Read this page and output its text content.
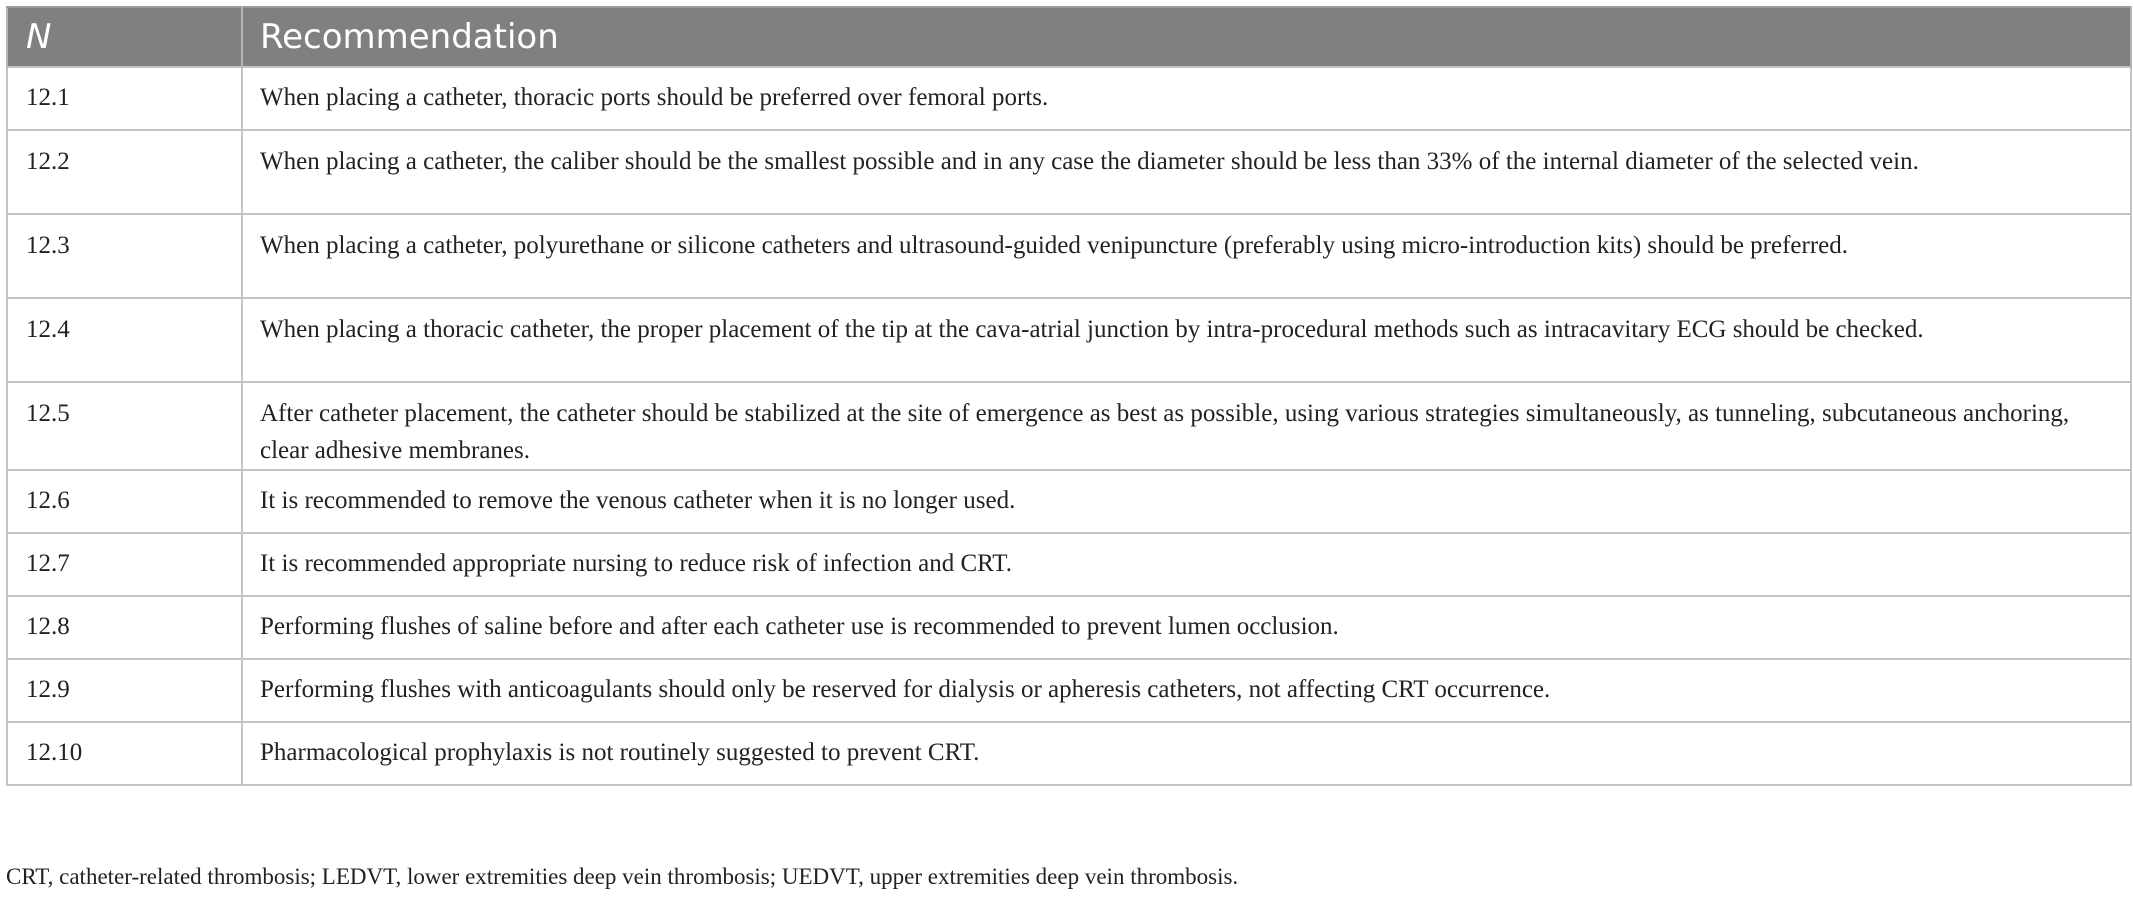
N	Recommendation
12.1	When placing a catheter, thoracic ports should be preferred over femoral ports.
12.2	When placing a catheter, the caliber should be the smallest possible and in any case the diameter should be less than 33% of the internal diameter of the selected vein.
12.3	When placing a catheter, polyurethane or silicone catheters and ultrasound-guided venipuncture (preferably using micro-introduction kits) should be preferred.
12.4	When placing a thoracic catheter, the proper placement of the tip at the cava-atrial junction by intra-procedural methods such as intracavitary ECG should be checked.
12.5	After catheter placement, the catheter should be stabilized at the site of emergence as best as possible, using various strategies simultaneously, as tunneling, subcutaneous anchoring, clear adhesive membranes.
12.6	It is recommended to remove the venous catheter when it is no longer used.
12.7	It is recommended appropriate nursing to reduce risk of infection and CRT.
12.8	Performing flushes of saline before and after each catheter use is recommended to prevent lumen occlusion.
12.9	Performing flushes with anticoagulants should only be reserved for dialysis or apheresis catheters, not affecting CRT occurrence.
12.10	Pharmacological prophylaxis is not routinely suggested to prevent CRT.
CRT, catheter-related thrombosis; LEDVT, lower extremities deep vein thrombosis; UEDVT, upper extremities deep vein thrombosis.
